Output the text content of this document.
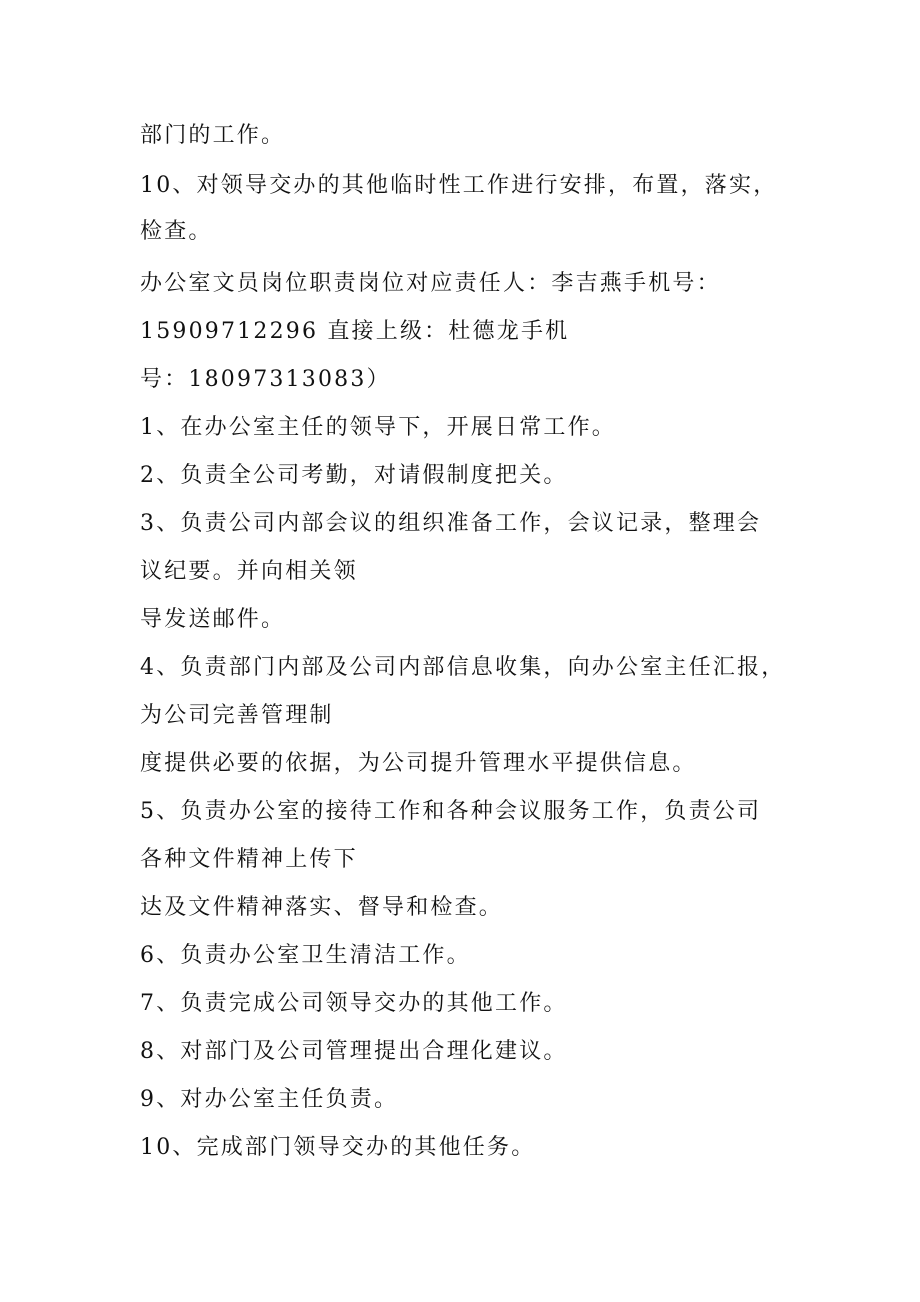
部门的工作。
10、对领导交办的其他临时性工作进行安排，布置，落实，
检查。
办公室文员岗位职责岗位对应责任人：李吉燕手机号：
15909712296 直接上级：杜德龙手机
号：18097313083）
1、在办公室主任的领导下，开展日常工作。
2、负责全公司考勤，对请假制度把关。
3、负责公司内部会议的组织准备工作，会议记录，整理会
议纪要。并向相关领
导发送邮件。
4、负责部门内部及公司内部信息收集，向办公室主任汇报，
为公司完善管理制
度提供必要的依据，为公司提升管理水平提供信息。
5、负责办公室的接待工作和各种会议服务工作，负责公司
各种文件精神上传下
达及文件精神落实、督导和检查。
6、负责办公室卫生清洁工作。
7、负责完成公司领导交办的其他工作。
8、对部门及公司管理提出合理化建议。
9、对办公室主任负责。
10、完成部门领导交办的其他任务。
